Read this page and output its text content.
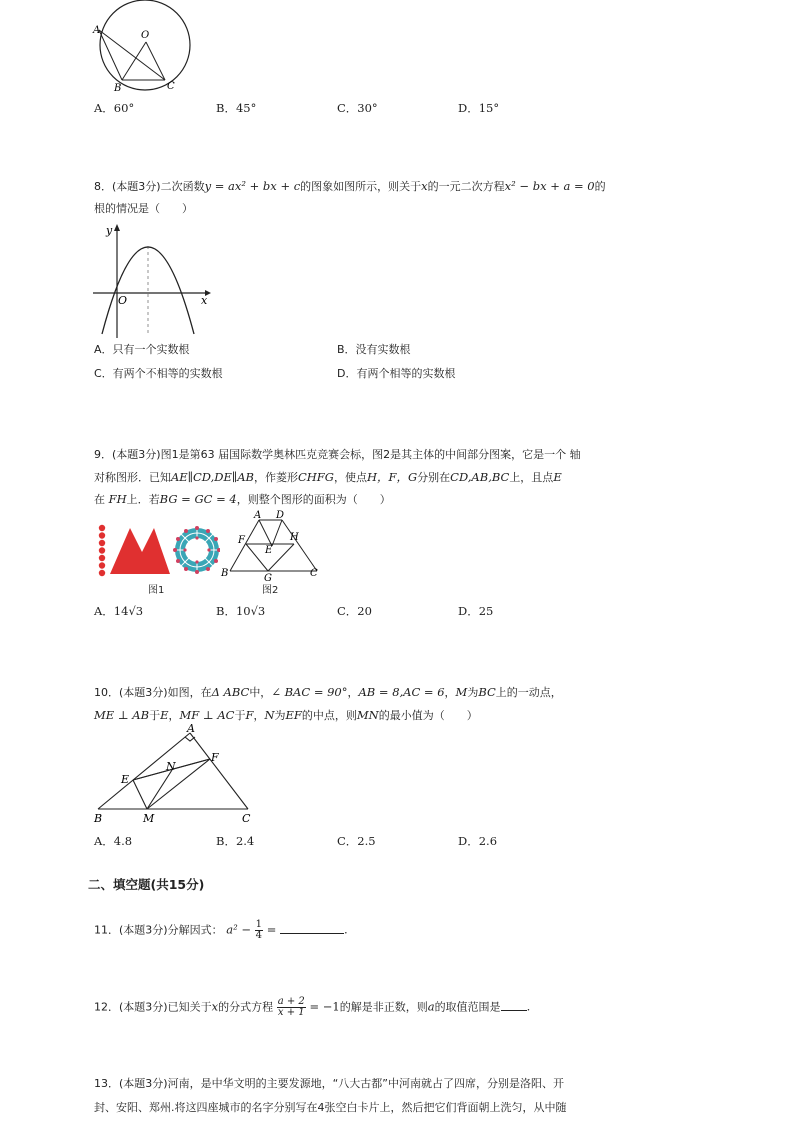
A	O
B	C
A．60°	B．45°	C．30°	D．15°
8．(本题3分)二次函数y = ax² + bx + c的图象如图所示，则关于x的一元二次方程x² − bx + a = 0的
根的情况是（　　）
y
O	x
A．只有一个实数根	B．没有实数根
C．有两个不相等的实数根	D．有两个相等的实数根
9．(本题3分)图1是第63 届国际数学奥林匹克竞赛会标，图2是其主体的中间部分图案，它是一个 轴
对称图形．已知AE∥CD,DE∥AB，作菱形CHFG，使点H，F，G分别在CD,AB,BC上，且点E
在 FH上．若BG = GC = 4，则整个图形的面积为（　　）
图1
A D
F
E
H
B	G	C
图2
A．14√3	B．10√3	C．20	D．25
10．(本题3分)如图，在Δ ABC中，∠ BAC = 90°，AB = 8,AC = 6，M为BC上的一动点，
ME ⊥ AB于E，MF ⊥ AC于F，N为EF的中点，则MN的最小值为（　　）
A
E
N
F
B	M	C
A．4.8	B．2.4	C．2.5	D．2.6
二、填空题(共15分)
11．(本题3分)分解因式： $a^2 - \frac{1}{4}$ =	.
12．(本题3分)已知关于x的分式方程 $\frac{a + 2}{x + 1} = -1$的解是非正数，则a的取值范围是 .
13．(本题3分)河南，是中华文明的主要发源地，“八大古都”中河南就占了四席，分别是洛阳、开
封、安阳、郑州.将这四座城市的名字分别写在4张空白卡片上，然后把它们背面朝上洗匀，从中随
